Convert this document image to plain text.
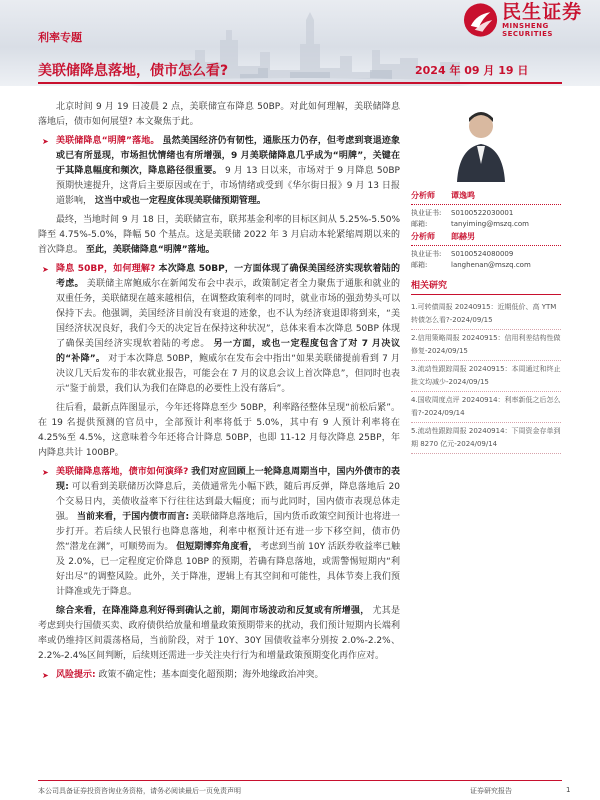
利率专题
美联储降息落地，债市怎么看?	2024 年 09 月 19 日
民生证券
MINSHENG SECURITIES

北京时间 9 月 19 日凌晨 2 点，美联储宣布降息 50BP。对此如何理解，美联储降息落地后，债市如何展望? 本文聚焦于此。

➤ 美联储降息“明牌”落地。 虽然美国经济仍有韧性，通胀压力仍存，但考虑到衰退迹象或已有所显现，市场担忧情绪也有所增强，9 月美联储降息几乎成为“明牌”，关键在于其降息幅度和频次，降息路径很重要。 9 月 13 日以来，市场对于 9 月降息 50BP 预期快速提升，这背后主要原因或在于，市场情绪或受到《华尔街日报》9 月 13 日报道影响， 这当中或也一定程度体现美联储预期管理。

最终，当地时间 9 月 18 日，美联储宣布，联邦基金利率的目标区间从 5.25%-5.50%降至 4.75%-5.0%，降幅 50 个基点。这是美联储 2022 年 3 月启动本轮紧缩周期以来的首次降息。 至此，美联储降息“明牌”落地。

➤ 降息 50BP，如何理解? 本次降息 50BP，一方面体现了确保美国经济实现软着陆的考虑。 美联储主席鲍威尔在新闻发布会中表示，政策制定者全力聚焦于通胀和就业的双重任务，美联储现在越来越相信，在调整政策利率的同时，就业市场的强劲势头可以保持下去。他强调，美国经济目前没有衰退的迹象，也不认为经济衰退即将到来，“美国经济状况良好，我们今天的决定旨在保持这种状况”，总体来看本次降息 50BP 体现了确保美国经济实现软着陆的考虑。 另一方面，或也一定程度包含了对 7 月决议的“补降”。 对于本次降息 50BP，鲍威尔在发布会中指出“如果美联储提前看到 7 月决议几天后发布的非农就业报告，可能会在 7 月的议息会议上首次降息”，但同时也表示“鉴于前景，我们认为我们在降息的必要性上没有落后”。

往后看，最新点阵图显示，今年还将降息至少 50BP，利率路径整体呈现“前松后紧”。在 19 名提供预测的官员中，全部预计利率将低于 5.0%，其中有 9 人预计利率将在 4.25%至 4.5%，这意味着今年还将合计降息 50BP，也即 11-12 月每次降息 25BP，年内降息共计 100BP。

➤ 美联储降息落地，债市如何演绎? 我们对应回顾上一轮降息周期当中，国内外债市的表现: 可以看到美联储历次降息后，美债通常先小幅下跌，随后再反弹，降息落地后 20 个交易日内，美债收益率下行往往达到最大幅度；而与此同时，国内债市表现总体走强。 当前来看，于国内债市而言: 美联储降息落地后，国内货币政策空间预计也将进一步打开。若后续人民银行也降息落地，利率中枢预计还有进一步下移空间，债市仍然“潜龙在渊”，可顺势而为。 但短期博弈角度看， 考虑到当前 10Y 活跃券收益率已触及 2.0%，已一定程度定价降息 10BP 的预期，若确有降息落地，或需警惕短期内“利好出尽”的调整风险。此外，关于降准，逻辑上有其空间和可能性，具体节奏上我们预计降准或先于降息。

综合来看，在降准降息利好得到确认之前，期间市场波动和反复或有所增强， 尤其是考虑到央行国债买卖、政府债供给放量和增量政策预期带来的扰动，我们预计短期内长端利率或仍维持区间震荡格局，当前阶段，对于 10Y、30Y 国债收益率分别按 2.0%-2.2%、2.2%-2.4%区间判断，后续则还需进一步关注央行行为和增量政策预期变化再作应对。

➤ 风险提示: 政策不确定性；基本面变化超预期；海外地缘政治冲突。

分析师	谭逸鸣
执业证书:	S0100522030001
邮箱:	tanyiming@mszq.com
分析师	郎赫男
执业证书:	S0100524080009
邮箱:	langhenan@mszq.com
相关研究
1.可转债周报 20240915：近期低价、高 YTM 转债怎么看?-2024/09/15
2.信用策略周报 20240915：信用利差结构性做修复-2024/09/15
3.流动性跟踪周报 20240915：本周通过和终止批文均减少-2024/09/15
4.国收周度点评 20240914：利率新低之后怎么看?-2024/09/14
5.流动性跟踪周报 20240914：下周资金存单到期 8270 亿元-2024/09/14
本公司具备证券投资咨询业务资格，请务必阅读最后一页免责声明	证券研究报告	1
